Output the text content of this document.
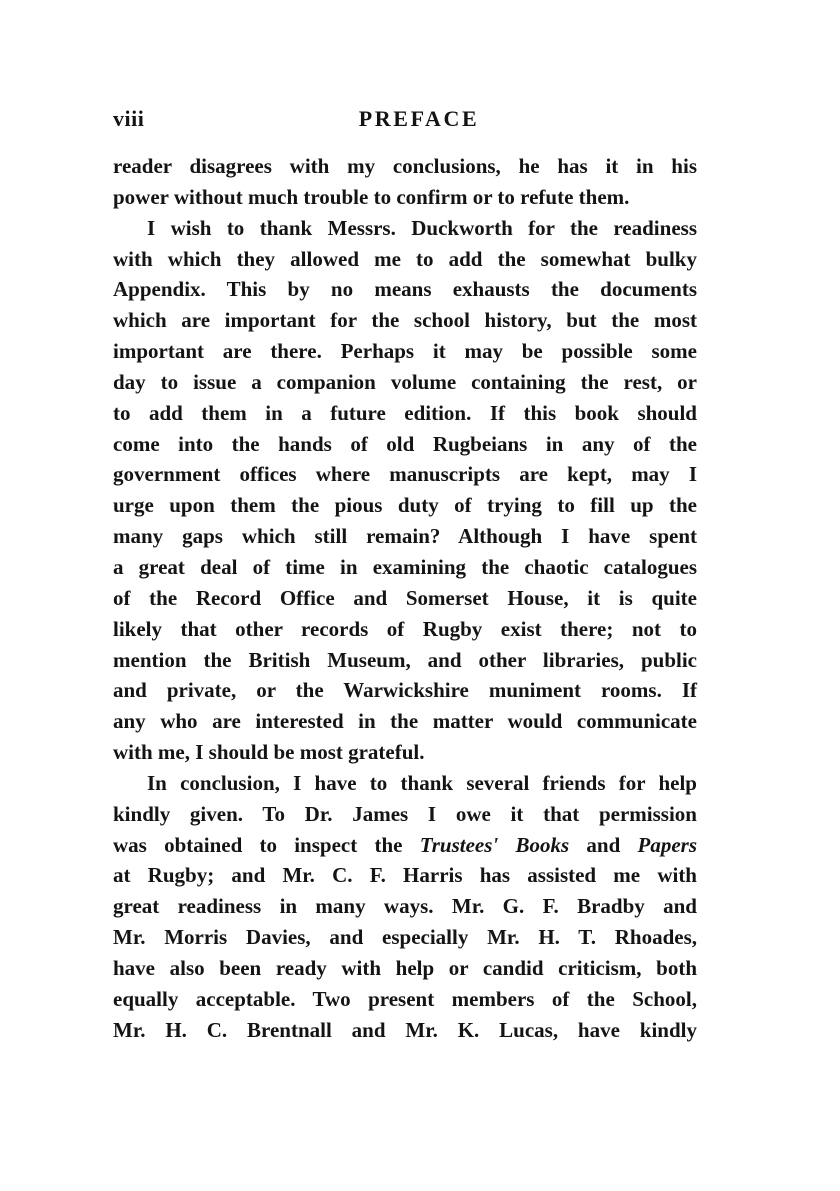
viii	PREFACE
reader disagrees with my conclusions, he has it in his
power without much trouble to confirm or to refute them.
I wish to thank Messrs. Duckworth for the readiness
with which they allowed me to add the somewhat bulky
Appendix. This by no means exhausts the documents
which are important for the school history, but the most
important are there. Perhaps it may be possible some
day to issue a companion volume containing the rest, or
to add them in a future edition. If this book should
come into the hands of old Rugbeians in any of the
government offices where manuscripts are kept, may I
urge upon them the pious duty of trying to fill up the
many gaps which still remain? Although I have spent
a great deal of time in examining the chaotic catalogues
of the Record Office and Somerset House, it is quite
likely that other records of Rugby exist there; not to
mention the British Museum, and other libraries, public
and private, or the Warwickshire muniment rooms. If
any who are interested in the matter would communicate
with me, I should be most grateful.
In conclusion, I have to thank several friends for help
kindly given. To Dr. James I owe it that permission
was obtained to inspect the Trustees' Books and Papers
at Rugby; and Mr. C. F. Harris has assisted me with
great readiness in many ways. Mr. G. F. Bradby and
Mr. Morris Davies, and especially Mr. H. T. Rhoades,
have also been ready with help or candid criticism, both
equally acceptable. Two present members of the School,
Mr. H. C. Brentnall and Mr. K. Lucas, have kindly
